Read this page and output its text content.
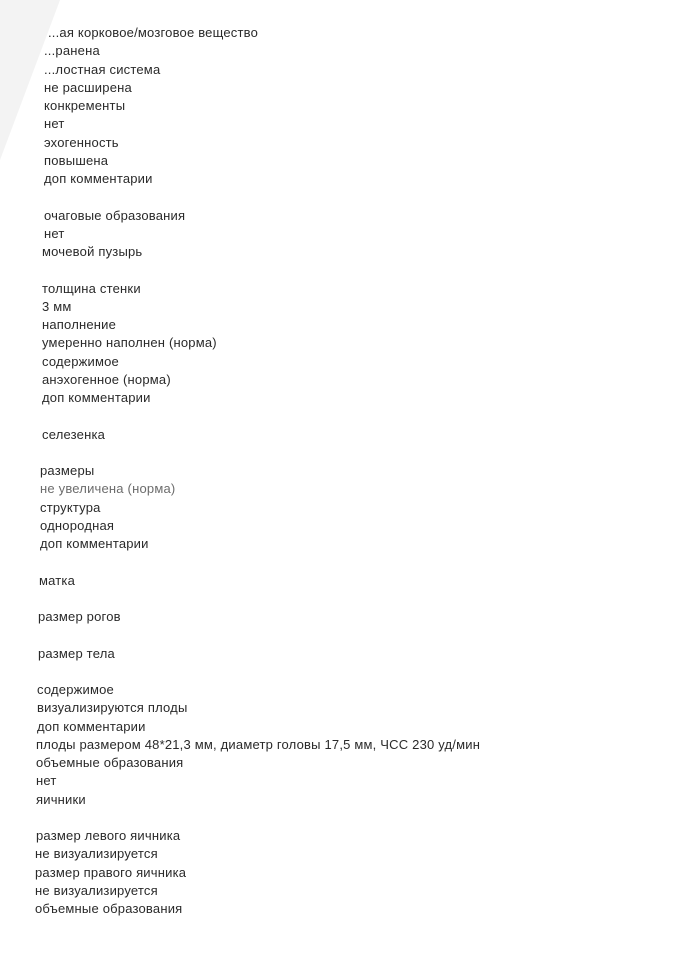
...ая корковое/мозговое вещество
...ранена
...лостная система
не расширена
конкременты
нет
эхогенность
повышена
доп комментарии
очаговые образования
нет
мочевой пузырь
толщина стенки
3 мм
наполнение
умеренно наполнен (норма)
содержимое
анэхогенное (норма)
доп комментарии
селезенка
размеры
не увеличена (норма)
структура
однородная
доп комментарии
матка
размер рогов
размер тела
содержимое
визуализируются плоды
доп комментарии
плоды размером 48*21,3 мм, диаметр головы 17,5 мм, ЧСС 230 уд/мин
объемные образования
нет
яичники
размер левого яичника
не визуализируется
размер правого яичника
не визуализируется
объемные образования
